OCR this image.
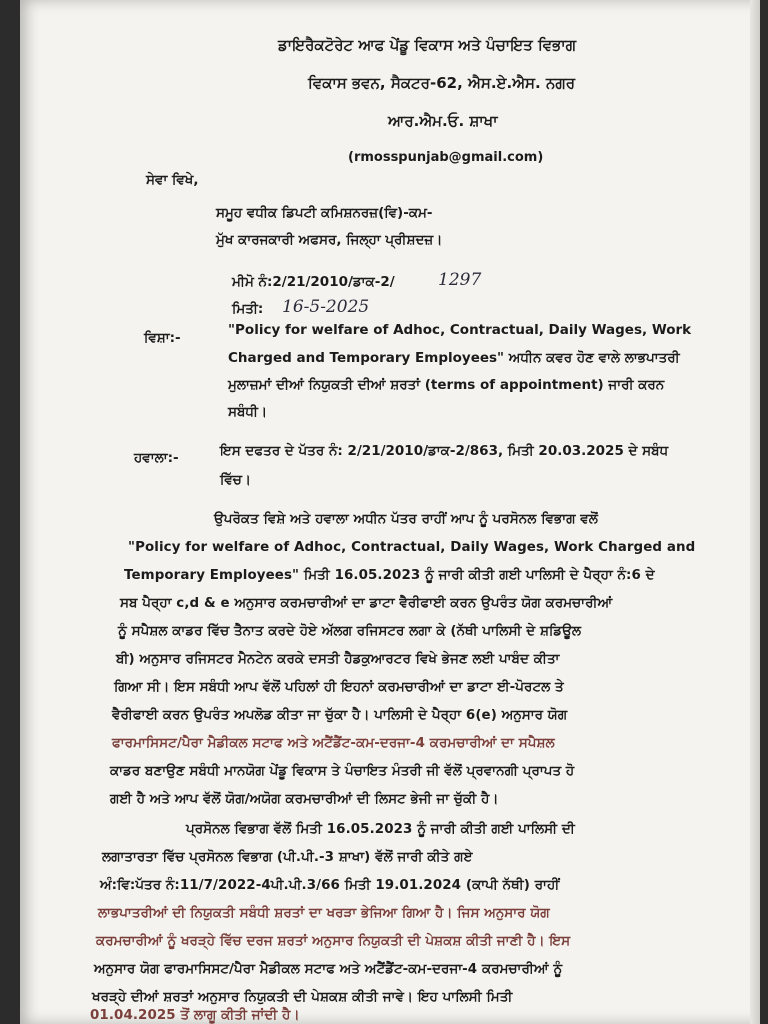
ਡਾਇਰੈਕਟੋਰੇਟ ਆਫ ਪੇਂਡੂ ਵਿਕਾਸ ਅਤੇ ਪੰਚਾਇਤ ਵਿਭਾਗ
ਵਿਕਾਸ ਭਵਨ, ਸੈਕਟਰ-62, ਐਸ.ਏ.ਐਸ. ਨਗਰ
ਆਰ.ਐਮ.ਓ. ਸ਼ਾਖਾ
(rmosspunjab@gmail.com)
ਸੇਵਾ ਵਿਖੇ,
ਸਮੂਹ ਵਧੀਕ ਡਿਪਟੀ ਕਮਿਸ਼ਨਰਜ਼(ਵਿ)-ਕਮ-
ਮੁੱਖ ਕਾਰਜਕਾਰੀ ਅਫਸਰ, ਜਿਲ੍ਹਾ ਪ੍ਰੀਸ਼ਦਜ਼।
ਮੀਮੋ ਨੰ:2/21/2010/ਡਾਕ-2/	1297
ਮਿਤੀ: 16-5-2025
ਵਿਸ਼ਾ:-	"Policy for welfare of Adhoc, Contractual, Daily Wages, Work
Charged and Temporary Employees" ਅਧੀਨ ਕਵਰ ਹੋਣ ਵਾਲੇ ਲਾਭਪਾਤਰੀ
ਮੁਲਾਜ਼ਮਾਂ ਦੀਆਂ ਨਿਯੁਕਤੀ ਦੀਆਂ ਸ਼ਰਤਾਂ (terms of appointment) ਜਾਰੀ ਕਰਨ
ਸਬੰਧੀ।
ਹਵਾਲਾ:-	ਇਸ ਦਫਤਰ ਦੇ ਪੱਤਰ ਨੰ: 2/21/2010/ਡਾਕ-2/863, ਮਿਤੀ 20.03.2025 ਦੇ ਸਬੰਧ
ਵਿੱਚ।
ਉਪਰੋਕਤ ਵਿਸ਼ੇ ਅਤੇ ਹਵਾਲਾ ਅਧੀਨ ਪੱਤਰ ਰਾਹੀਂ ਆਪ ਨੂੰ ਪਰਸੋਨਲ ਵਿਭਾਗ ਵਲੋਂ
"Policy for welfare of Adhoc, Contractual, Daily Wages, Work Charged and
Temporary Employees" ਮਿਤੀ 16.05.2023 ਨੂੰ ਜਾਰੀ ਕੀਤੀ ਗਈ ਪਾਲਿਸੀ ਦੇ ਪੈਰ੍ਹਾ ਨੰ:6 ਦੇ
ਸਬ ਪੈਰ੍ਹਾ c,d & e ਅਨੁਸਾਰ ਕਰਮਚਾਰੀਆਂ ਦਾ ਡਾਟਾ ਵੈਰੀਫਾਈ ਕਰਨ ਉਪਰੰਤ ਯੋਗ ਕਰਮਚਾਰੀਆਂ
ਨੂੰ ਸਪੈਸ਼ਲ ਕਾਡਰ ਵਿੱਚ ਤੈਨਾਤ ਕਰਦੇ ਹੋਏ ਅੱਲਗ ਰਜਿਸਟਰ ਲਗਾ ਕੇ (ਨੱਥੀ ਪਾਲਿਸੀ ਦੇ ਸ਼ਡਿਊਲ
ਬੀ) ਅਨੁਸਾਰ ਰਜਿਸਟਰ ਮੈਨਟੇਨ ਕਰਕੇ ਦਸਤੀ ਹੈਡਕੁਆਰਟਰ ਵਿਖੇ ਭੇਜਣ ਲਈ ਪਾਬੰਦ ਕੀਤਾ
ਗਿਆ ਸੀ। ਇਸ ਸਬੰਧੀ ਆਪ ਵੱਲੋਂ ਪਹਿਲਾਂ ਹੀ ਇਹਨਾਂ ਕਰਮਚਾਰੀਆਂ ਦਾ ਡਾਟਾ ਈ-ਪੋਰਟਲ ਤੇ
ਵੈਰੀਫਾਈ ਕਰਨ ਉਪਰੰਤ ਅਪਲੋਡ ਕੀਤਾ ਜਾ ਚੁੱਕਾ ਹੈ। ਪਾਲਿਸੀ ਦੇ ਪੈਰ੍ਹਾ 6(e) ਅਨੁਸਾਰ ਯੋਗ
ਫਾਰਮਾਸਿਸਟ/ਪੈਰਾ ਮੈਡੀਕਲ ਸਟਾਫ ਅਤੇ ਅਟੈਂਡੈਂਟ-ਕਮ-ਦਰਜਾ-4 ਕਰਮਚਾਰੀਆਂ ਦਾ ਸਪੈਸ਼ਲ
ਕਾਡਰ ਬਣਾਉਣ ਸਬੰਧੀ ਮਾਨਯੋਗ ਪੇਂਡੂ ਵਿਕਾਸ ਤੇ ਪੰਚਾਇਤ ਮੰਤਰੀ ਜੀ ਵੱਲੋਂ ਪ੍ਰਵਾਨਗੀ ਪ੍ਰਾਪਤ ਹੋ
ਗਈ ਹੈ ਅਤੇ ਆਪ ਵੱਲੋਂ ਯੋਗ/ਅਯੋਗ ਕਰਮਚਾਰੀਆਂ ਦੀ ਲਿਸਟ ਭੇਜੀ ਜਾ ਚੁੱਕੀ ਹੈ।
ਪ੍ਰਸੋਨਲ ਵਿਭਾਗ ਵੱਲੋਂ ਮਿਤੀ 16.05.2023 ਨੂੰ ਜਾਰੀ ਕੀਤੀ ਗਈ ਪਾਲਿਸੀ ਦੀ
ਲਗਾਤਾਰਤਾ ਵਿੱਚ ਪ੍ਰਸੋਨਲ ਵਿਭਾਗ (ਪੀ.ਪੀ.-3 ਸ਼ਾਖਾ) ਵੱਲੋਂ ਜਾਰੀ ਕੀਤੇ ਗਏ
ਅੰ:ਵਿ:ਪੱਤਰ ਨੰ:11/7/2022-4ਪੀ.ਪੀ.3/66 ਮਿਤੀ 19.01.2024 (ਕਾਪੀ ਨੱਥੀ) ਰਾਹੀਂ
ਲਾਭਪਾਤਰੀਆਂ ਦੀ ਨਿਯੁਕਤੀ ਸਬੰਧੀ ਸ਼ਰਤਾਂ ਦਾ ਖਰੜਾ ਭੇਜਿਆ ਗਿਆ ਹੈ। ਜਿਸ ਅਨੁਸਾਰ ਯੋਗ
ਕਰਮਚਾਰੀਆਂ ਨੂੰ ਖਰੜ੍ਹੇ ਵਿੱਚ ਦਰਜ ਸ਼ਰਤਾਂ ਅਨੁਸਾਰ ਨਿਯੁਕਤੀ ਦੀ ਪੇਸ਼ਕਸ਼ ਕੀਤੀ ਜਾਣੀ ਹੈ। ਇਸ
ਅਨੁਸਾਰ ਯੋਗ ਫਾਰਮਾਸਿਸਟ/ਪੈਰਾ ਮੈਡੀਕਲ ਸਟਾਫ ਅਤੇ ਅਟੈਂਡੈਂਟ-ਕਮ-ਦਰਜਾ-4 ਕਰਮਚਾਰੀਆਂ ਨੂੰ
ਖਰੜ੍ਹੇ ਦੀਆਂ ਸ਼ਰਤਾਂ ਅਨੁਸਾਰ ਨਿਯੁਕਤੀ ਦੀ ਪੇਸ਼ਕਸ਼ ਕੀਤੀ ਜਾਵੇ। ਇਹ ਪਾਲਿਸੀ ਮਿਤੀ
01.04.2025 ਤੋਂ ਲਾਗੂ ਕੀਤੀ ਜਾਂਦੀ ਹੈ।
